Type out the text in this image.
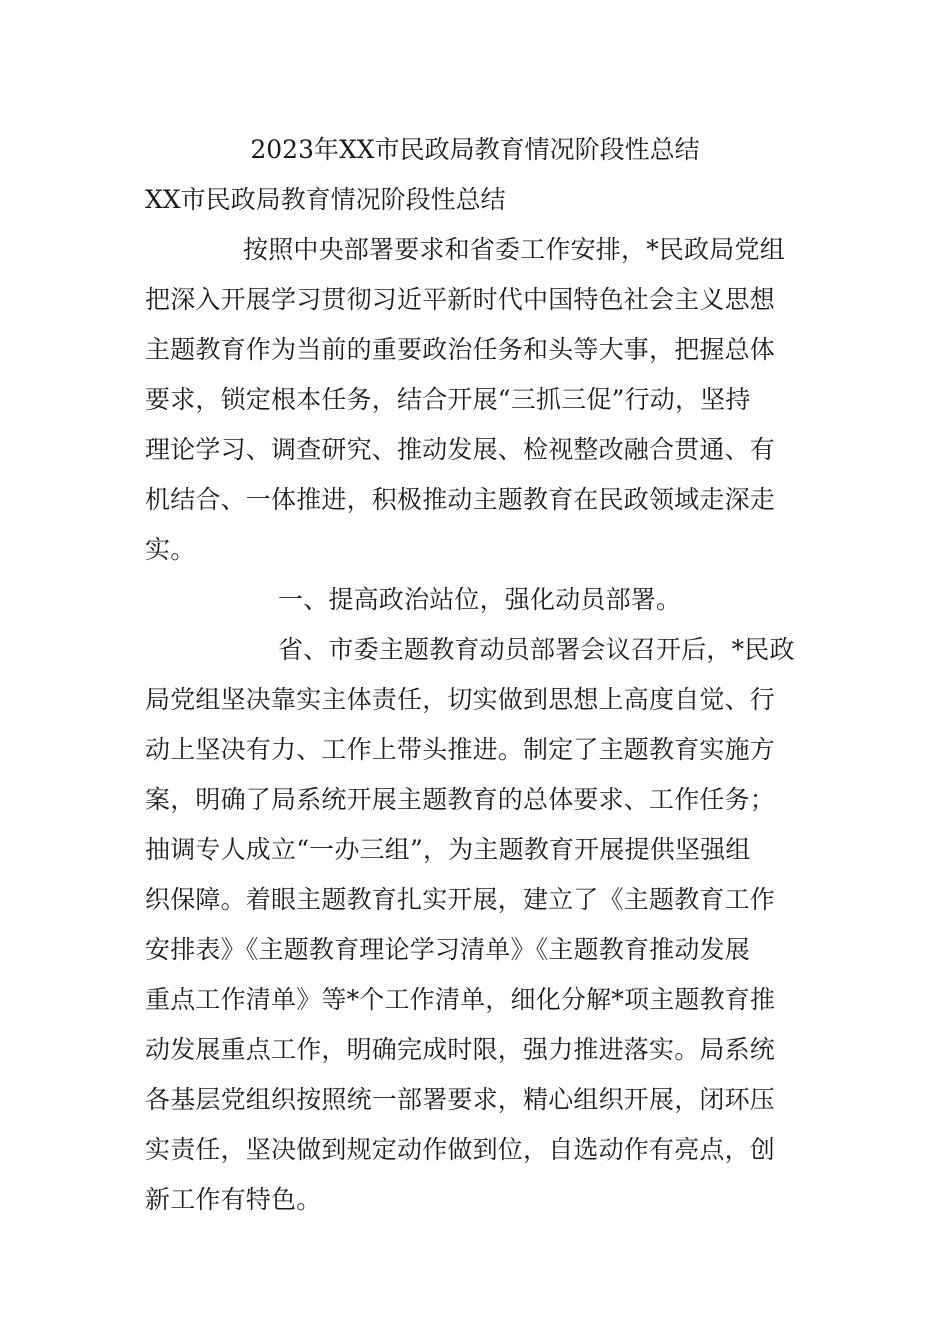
2023年XX市民政局教育情况阶段性总结
XX市民政局教育情况阶段性总结
按照中央部署要求和省委工作安排，*民政局党组
把深入开展学习贯彻习近平新时代中国特色社会主义思想
主题教育作为当前的重要政治任务和头等大事，把握总体
要求，锁定根本任务，结合开展“三抓三促”行动，坚持
理论学习、调查研究、推动发展、检视整改融合贯通、有
机结合、一体推进，积极推动主题教育在民政领域走深走
实。
一、提高政治站位，强化动员部署。
省、市委主题教育动员部署会议召开后，*民政
局党组坚决靠实主体责任，切实做到思想上高度自觉、行
动上坚决有力、工作上带头推进。制定了主题教育实施方
案，明确了局系统开展主题教育的总体要求、工作任务；
抽调专人成立“一办三组”，为主题教育开展提供坚强组
织保障。着眼主题教育扎实开展，建立了《主题教育工作
安排表》《主题教育理论学习清单》《主题教育推动发展
重点工作清单》等*个工作清单，细化分解*项主题教育推
动发展重点工作，明确完成时限，强力推进落实。局系统
各基层党组织按照统一部署要求，精心组织开展，闭环压
实责任，坚决做到规定动作做到位，自选动作有亮点，创
新工作有特色。
